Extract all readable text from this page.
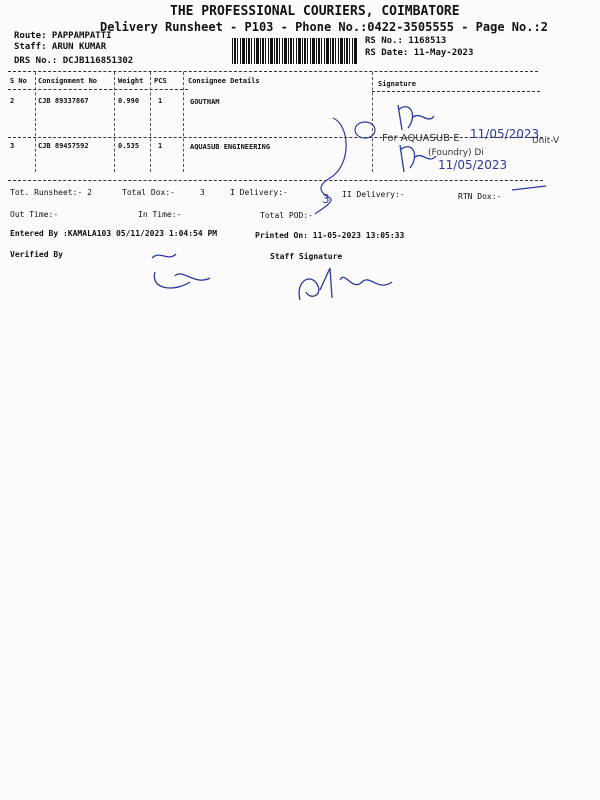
THE PROFESSIONAL COURIERS, COIMBATORE
Delivery Runsheet - P103 - Phone No.:0422-3505555 - Page No.:2
Route: PAPPAMPATTI
Staff: ARUN KUMAR
DRS No.: DCJB116851302
RS No.: 1168513
RS Date: 11-May-2023
S No Consignment No	Weight PCS	Consignee Details	Signature
2	CJB 89337867	0.990	1	GOUTHAM
3	CJB 89457592	0.535	1	AQUASUB ENGINEERING
Tot. Runsheet:- 2	Total Dox:-	3	I Delivery:-	II Delivery:-	RTN Dox:-
Out Time:-	In Time:-	Total POD:-
Entered By :KAMALA103 05/11/2023 1:04:54 PM	Printed On: 11-05-2023 13:05:33
Verified By	Staff Signature
For AQUASUB E
(Foundry) Di
Unit-V
11/05/2023
11/05/2023
3
